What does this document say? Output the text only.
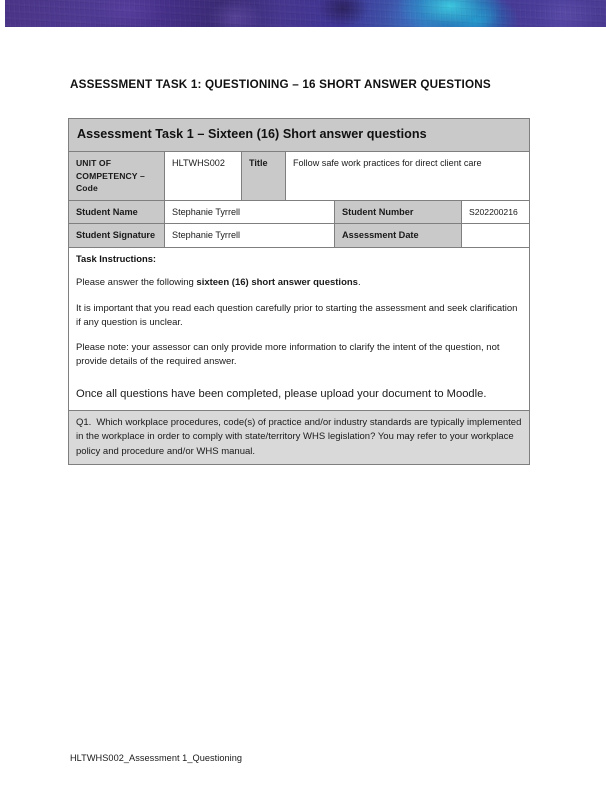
ASSESSMENT TASK 1: QUESTIONING – 16 SHORT ANSWER QUESTIONS
Assessment Task 1 – Sixteen (16) Short answer questions					
UNIT OF COMPETENCY – Code	HLTWHS002	Title	Follow safe work practices for direct client care		
Student Name	Stephanie Tyrrell			Student Number	S202200216
Student Signature	Stephanie Tyrrell			Assessment Date	

Task Instructions:

Please answer the following sixteen (16) short answer questions.

It is important that you read each question carefully prior to starting the assessment and seek clarification if any question is unclear.

Please note: your assessor can only provide more information to clarify the intent of the question, not provide details of the required answer.

Once all questions have been completed, please upload your document to Moodle.					

Q1. Which workplace procedures, code(s) of practice and/or industry standards are typically implemented in the workplace in order to comply with state/territory WHS legislation? You may refer to your workplace policy and procedure and/or WHS manual.					

HLTWHS002_Assessment 1_Questioning
